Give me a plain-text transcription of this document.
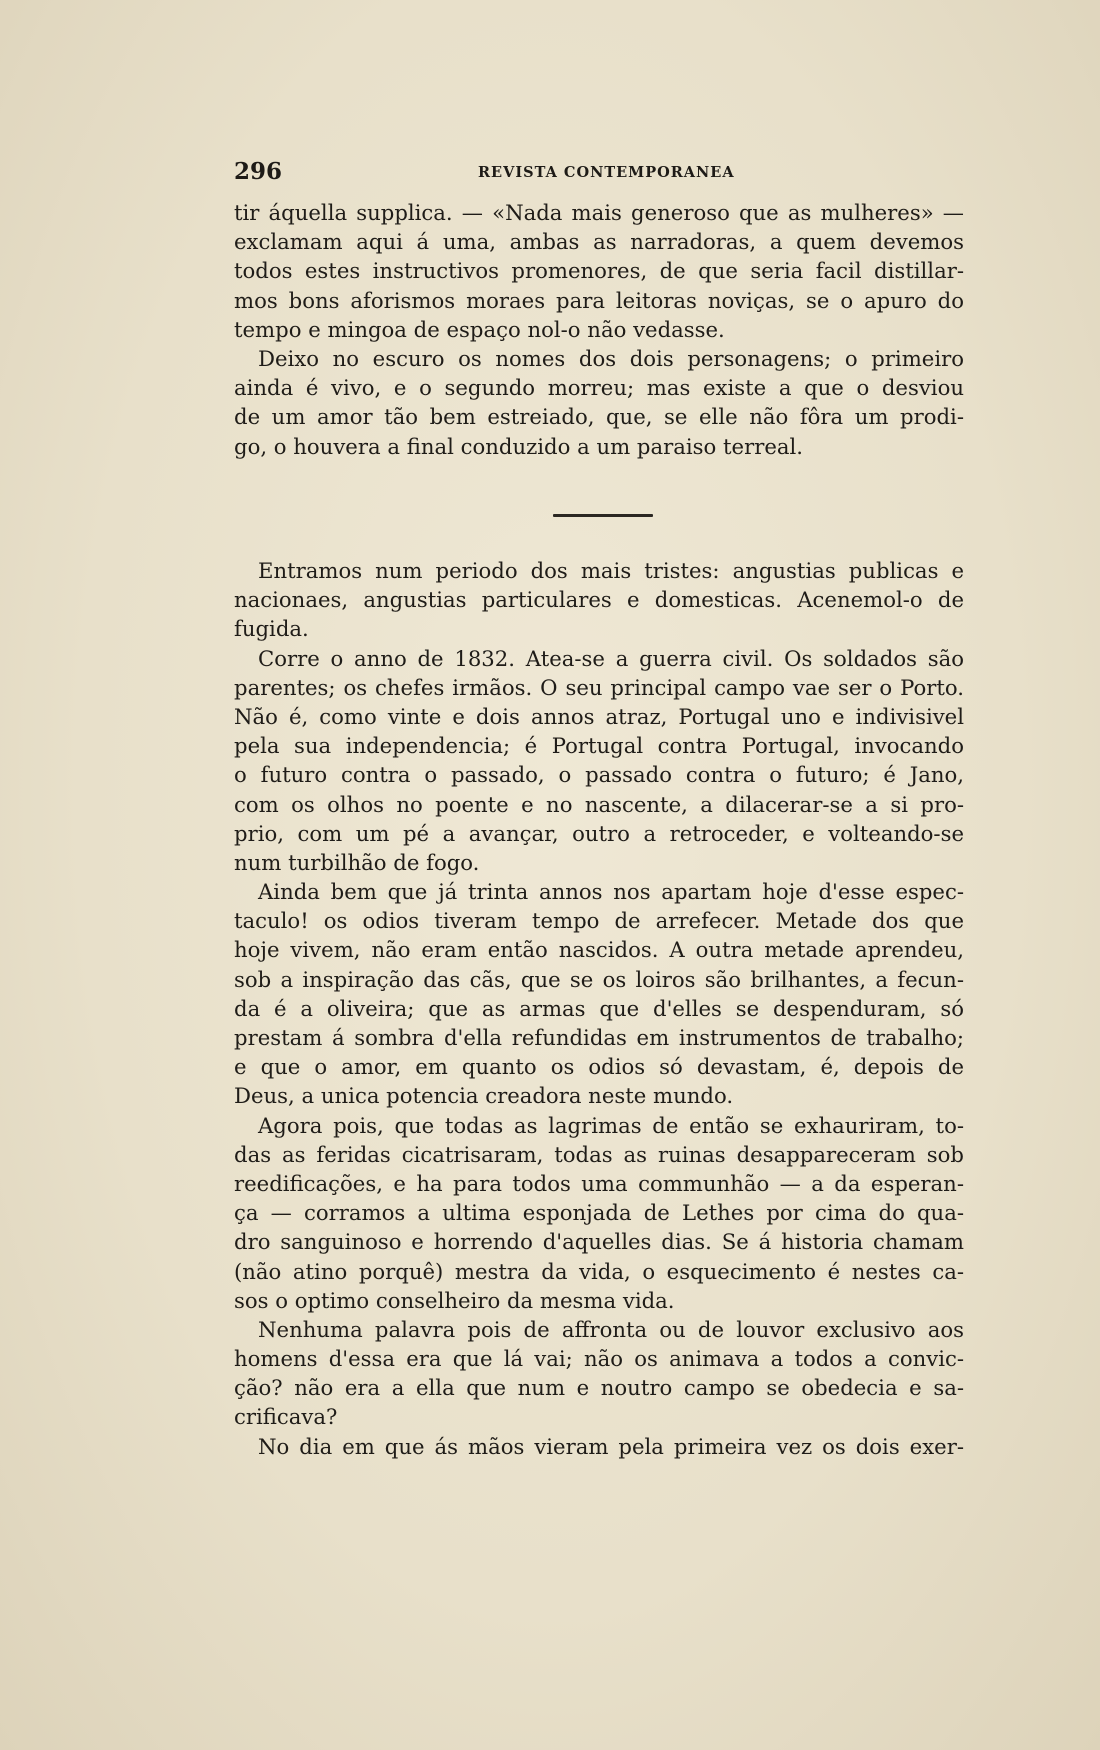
296	REVISTA CONTEMPORANEA
tir áquella supplica. — «Nada mais generoso que as mulheres» —
exclamam aqui á uma, ambas as narradoras, a quem devemos
todos estes instructivos promenores, de que seria facil distillar-
mos bons aforismos moraes para leitoras noviças, se o apuro do
tempo e mingoa de espaço nol-o não vedasse.
Deixo no escuro os nomes dos dois personagens; o primeiro
ainda é vivo, e o segundo morreu; mas existe a que o desviou
de um amor tão bem estreiado, que, se elle não fôra um prodi-
go, o houvera a final conduzido a um paraiso terreal.
Entramos num periodo dos mais tristes: angustias publicas e
nacionaes, angustias particulares e domesticas. Acenemol-o de
fugida.
Corre o anno de 1832. Atea-se a guerra civil. Os soldados são
parentes; os chefes irmãos. O seu principal campo vae ser o Porto.
Não é, como vinte e dois annos atraz, Portugal uno e indivisivel
pela sua independencia; é Portugal contra Portugal, invocando
o futuro contra o passado, o passado contra o futuro; é Jano,
com os olhos no poente e no nascente, a dilacerar-se a si pro-
prio, com um pé a avançar, outro a retroceder, e volteando-se
num turbilhão de fogo.
Ainda bem que já trinta annos nos apartam hoje d'esse espec-
taculo! os odios tiveram tempo de arrefecer. Metade dos que
hoje vivem, não eram então nascidos. A outra metade aprendeu,
sob a inspiração das cãs, que se os loiros são brilhantes, a fecun-
da é a oliveira; que as armas que d'elles se despenduram, só
prestam á sombra d'ella refundidas em instrumentos de trabalho;
e que o amor, em quanto os odios só devastam, é, depois de
Deus, a unica potencia creadora neste mundo.
Agora pois, que todas as lagrimas de então se exhauriram, to-
das as feridas cicatrisaram, todas as ruinas desappareceram sob
reedificações, e ha para todos uma communhão — a da esperan-
ça — corramos a ultima esponjada de Lethes por cima do qua-
dro sanguinoso e horrendo d'aquelles dias. Se á historia chamam
(não atino porquê) mestra da vida, o esquecimento é nestes ca-
sos o optimo conselheiro da mesma vida.
Nenhuma palavra pois de affronta ou de louvor exclusivo aos
homens d'essa era que lá vai; não os animava a todos a convic-
ção? não era a ella que num e noutro campo se obedecia e sa-
crificava?
No dia em que ás mãos vieram pela primeira vez os dois exer-
